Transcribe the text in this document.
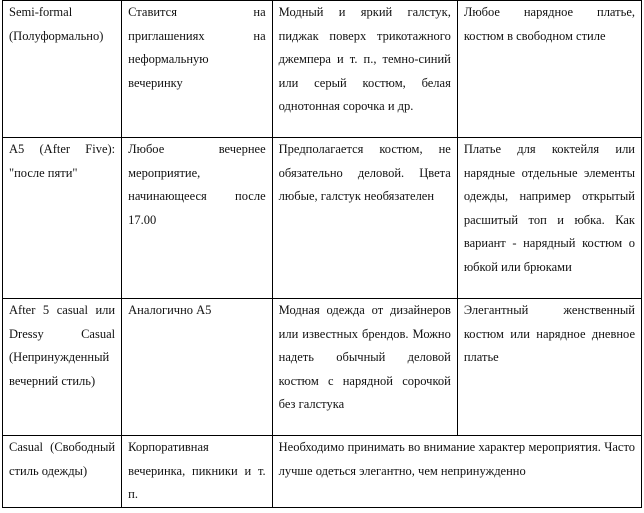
Semi-formal (Полуформально)	Ставится на приглашениях на неформальную вечеринку	Модный и яркий галстук, пиджак поверх трикотажного джемпера и т. п., темно-синий или серый костюм, белая однотонная сорочка и др.	Любое нарядное платье, костюм в свободном стиле
A5 (After Five): "после пяти"	Любое вечернее мероприятие, начинающееся после 17.00	Предполагается костюм, не обязательно деловой. Цвета любые, галстук необязателен	Платье для коктейля или нарядные отдельные элементы одежды, например открытый расшитый топ и юбка. Как вариант - нарядный костюм о юбкой или брюками
After 5 casual или Dressy Casual (Непринужденный вечерний стиль)	Аналогично А5	Модная одежда от дизайнеров или известных брендов. Можно надеть обычный деловой костюм с нарядной сорочкой без галстука	Элегантный женственный костюм или нарядное дневное платье
Casual (Свободный стиль одежды)	Корпоративная вечеринка, пикники и т. п.	Необходимо принимать во внимание характер мероприятия. Часто лучше одеться элегантно, чем непринужденно	
